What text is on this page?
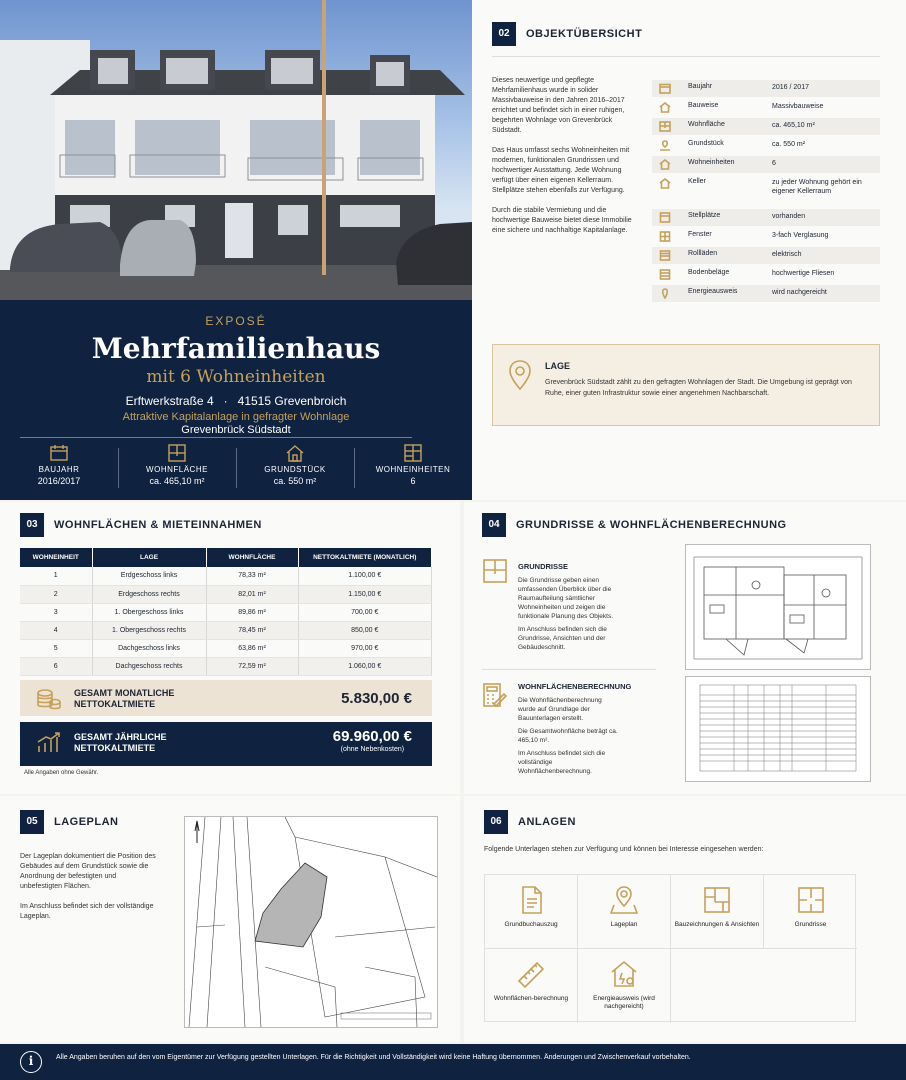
EXPOSÉ
Mehrfamilienhaus
mit 6 Wohneinheiten
Erftwerkstraße 4   ·   41515 Grevenbroich
Attraktive Kapitalanlage in gefragter Wohnlage
Grevenbrück Südstadt
BAUJAHR
2016/2017
WOHNFLÄCHE
ca. 465,10 m²
GRUNDSTÜCK
ca. 550 m²
WOHNEINHEITEN
6
02	OBJEKTÜBERSICHT

Dieses neuwertige und gepflegte Mehrfamilienhaus wurde in solider Massivbauweise in den Jahren 2016–2017 errichtet und befindet sich in einer ruhigen, begehrten Wohnlage von Grevenbrück Südstadt.

Das Haus umfasst sechs Wohneinheiten mit modernen, funktionalen Grundrissen und hochwertiger Ausstattung. Jede Wohnung verfügt über einen eigenen Kellerraum. Stellplätze stehen ebenfalls zur Verfügung.

Durch die stabile Vermietung und die hochwertige Bauweise bietet diese Immobilie eine sichere und nachhaltige Kapitalanlage.

Baujahr	2016 / 2017
Bauweise	Massivbauweise
Wohnfläche	ca. 465,10 m²
Grundstück	ca. 550 m²
Wohneinheiten	6
Keller	zu jeder Wohnung gehört ein eigener Kellerraum
Stellplätze	vorhanden
Fenster	3-fach Verglasung
Rollläden	elektrisch
Bodenbeläge	hochwertige Fliesen
Energieausweis	wird nachgereicht
LAGE
Grevenbrück Südstadt zählt zu den gefragten Wohnlagen der Stadt. Die Umgebung ist geprägt von Ruhe, einer guten Infrastruktur sowie einer angenehmen Nachbarschaft.
03	WOHNFLÄCHEN & MIETEINNAHMEN
WOHNEINHEIT	LAGE	WOHNFLÄCHE	NETTOKALTMIETE (MONATLICH)
1	Erdgeschoss links	78,33 m²	1.100,00 €
2	Erdgeschoss rechts	82,01 m²	1.150,00 €
3	1. Obergeschoss links	89,86 m²	700,00 €
4	1. Obergeschoss rechts	78,45 m²	850,00 €
5	Dachgeschoss links	63,86 m²	970,00 €
6	Dachgeschoss rechts	72,59 m²	1.060,00 €
GESAMT MONATLICHE
NETTOKALTMIETE	5.830,00 €
GESAMT JÄHRLICHE
NETTOKALTMIETE
69.960,00 €
(ohne Nebenkosten)
Alle Angaben ohne Gewähr.
04	GRUNDRISSE & WOHNFLÄCHENBERECHNUNG
GRUNDRISSE

Die Grundrisse geben einen umfassenden Überblick über die Raumaufteilung sämtlicher Wohneinheiten und zeigen die funktionale Planung des Objekts.

Im Anschluss befinden sich die Grundrisse, Ansichten und der Gebäudeschnitt.

WOHNFLÄCHENBERECHNUNG

Die Wohnflächenberechnung wurde auf Grundlage der Bauunterlagen erstellt.

Die Gesamtwohnfläche beträgt ca. 465,10 m².

Im Anschluss befindet sich die vollständige Wohnflächenberechnung.

05	LAGEPLAN

Der Lageplan dokumentiert die Position des Gebäudes auf dem Grundstück sowie die Anordnung der befestigten und unbefestigten Flächen.

Im Anschluss befindet sich der vollständige Lageplan.

06	ANLAGEN
Folgende Unterlagen stehen zur Verfügung und können bei Interesse eingesehen werden:
Grundbuchauszug	Lageplan	Bauzeichnungen & Ansichten	Grundrisse
Wohnflächen-berechnung	Energieausweis (wird nachgereicht)
i	Alle Angaben beruhen auf den vom Eigentümer zur Verfügung gestellten Unterlagen. Für die Richtigkeit und Vollständigkeit wird keine Haftung übernommen. Änderungen und Zwischenverkauf vorbehalten.
